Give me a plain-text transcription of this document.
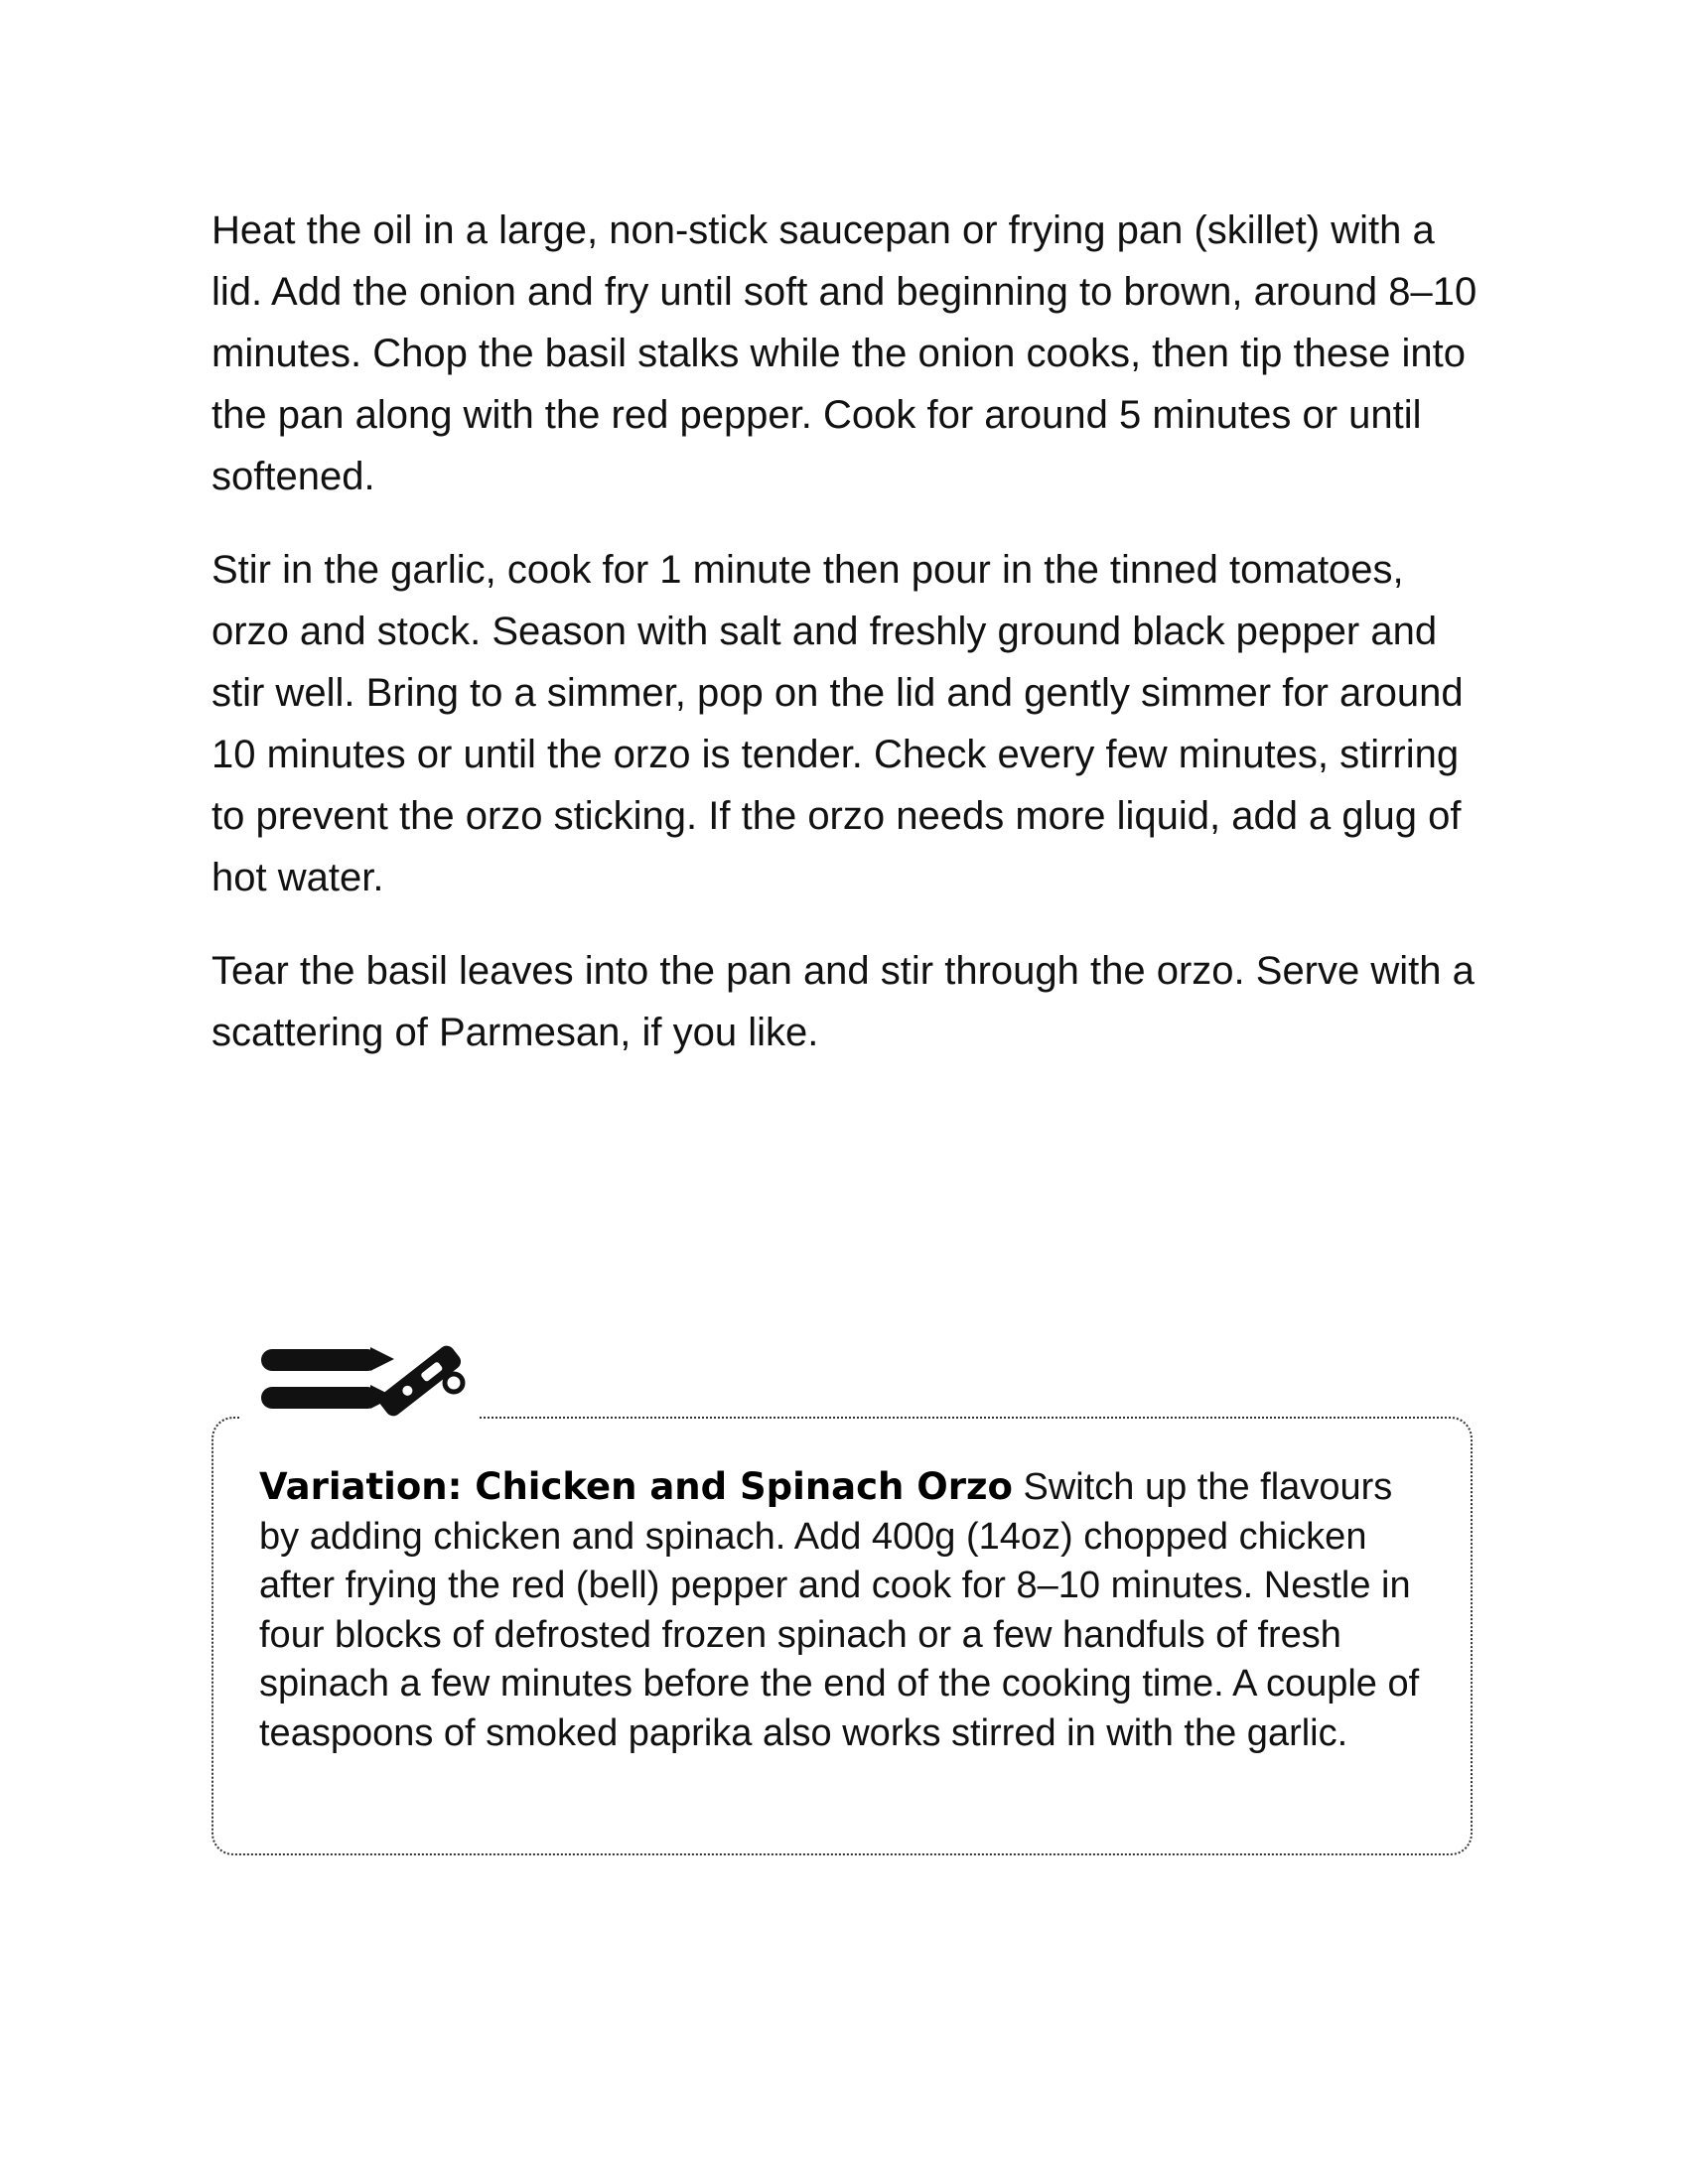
Heat the oil in a large, non-stick saucepan or frying pan (skillet) with a lid. Add the onion and fry until soft and beginning to brown, around 8–10 minutes. Chop the basil stalks while the onion cooks, then tip these into the pan along with the red pepper. Cook for around 5 minutes or until softened.

Stir in the garlic, cook for 1 minute then pour in the tinned tomatoes, orzo and stock. Season with salt and freshly ground black pepper and stir well. Bring to a simmer, pop on the lid and gently simmer for around 10 minutes or until the orzo is tender. Check every few minutes, stirring to prevent the orzo sticking. If the orzo needs more liquid, add a glug of hot water.

Tear the basil leaves into the pan and stir through the orzo. Serve with a scattering of Parmesan, if you like.

Variation: Chicken and Spinach Orzo Switch up the flavours by adding chicken and spinach. Add 400g (14oz) chopped chicken after frying the red (bell) pepper and cook for 8–10 minutes. Nestle in four blocks of defrosted frozen spinach or a few handfuls of fresh spinach a few minutes before the end of the cooking time. A couple of teaspoons of smoked paprika also works stirred in with the garlic.
